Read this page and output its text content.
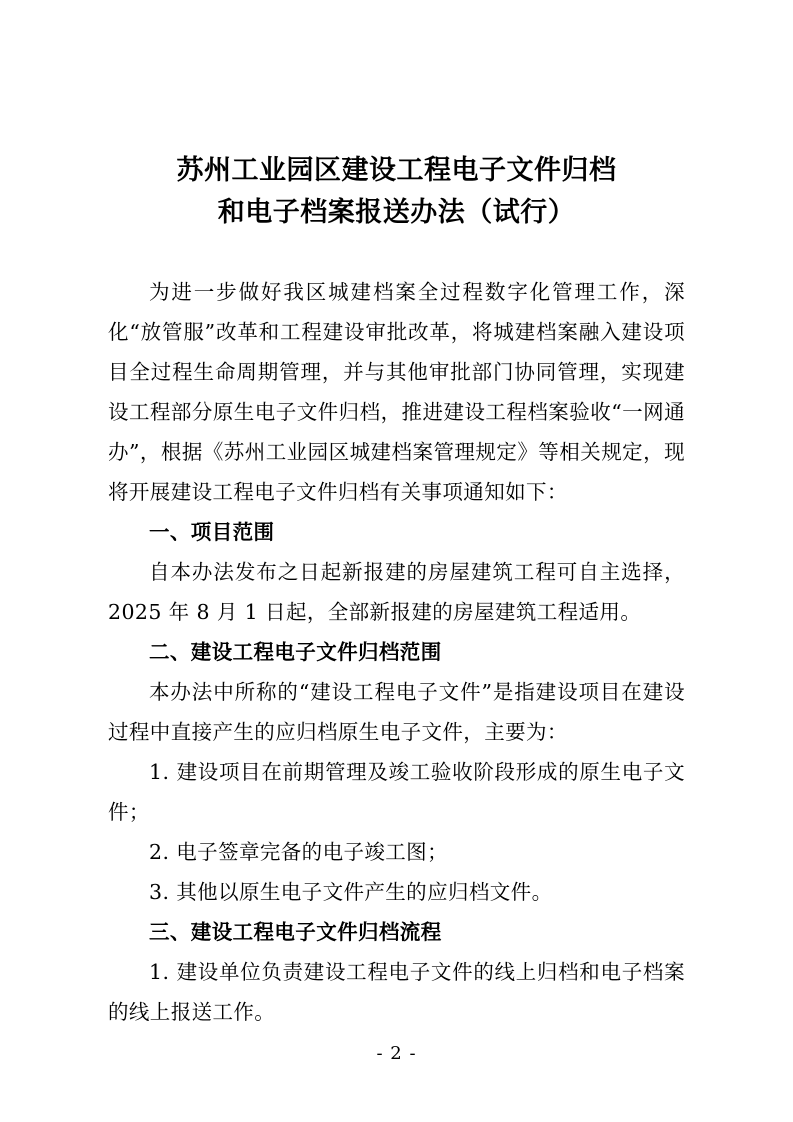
苏州工业园区建设工程电子文件归档
和电子档案报送办法（试行）

为进一步做好我区城建档案全过程数字化管理工作，深化“放管服”改革和工程建设审批改革，将城建档案融入建设项目全过程生命周期管理，并与其他审批部门协同管理，实现建设工程部分原生电子文件归档，推进建设工程档案验收“一网通办”，根据《苏州工业园区城建档案管理规定》等相关规定，现将开展建设工程电子文件归档有关事项通知如下：

一、项目范围

自本办法发布之日起新报建的房屋建筑工程可自主选择，2025 年 8 月 1 日起，全部新报建的房屋建筑工程适用。

二、建设工程电子文件归档范围

本办法中所称的“建设工程电子文件”是指建设项目在建设过程中直接产生的应归档原生电子文件，主要为：

1. 建设项目在前期管理及竣工验收阶段形成的原生电子文件；

2. 电子签章完备的电子竣工图；

3. 其他以原生电子文件产生的应归档文件。

三、建设工程电子文件归档流程

1. 建设单位负责建设工程电子文件的线上归档和电子档案的线上报送工作。

- 2 -
